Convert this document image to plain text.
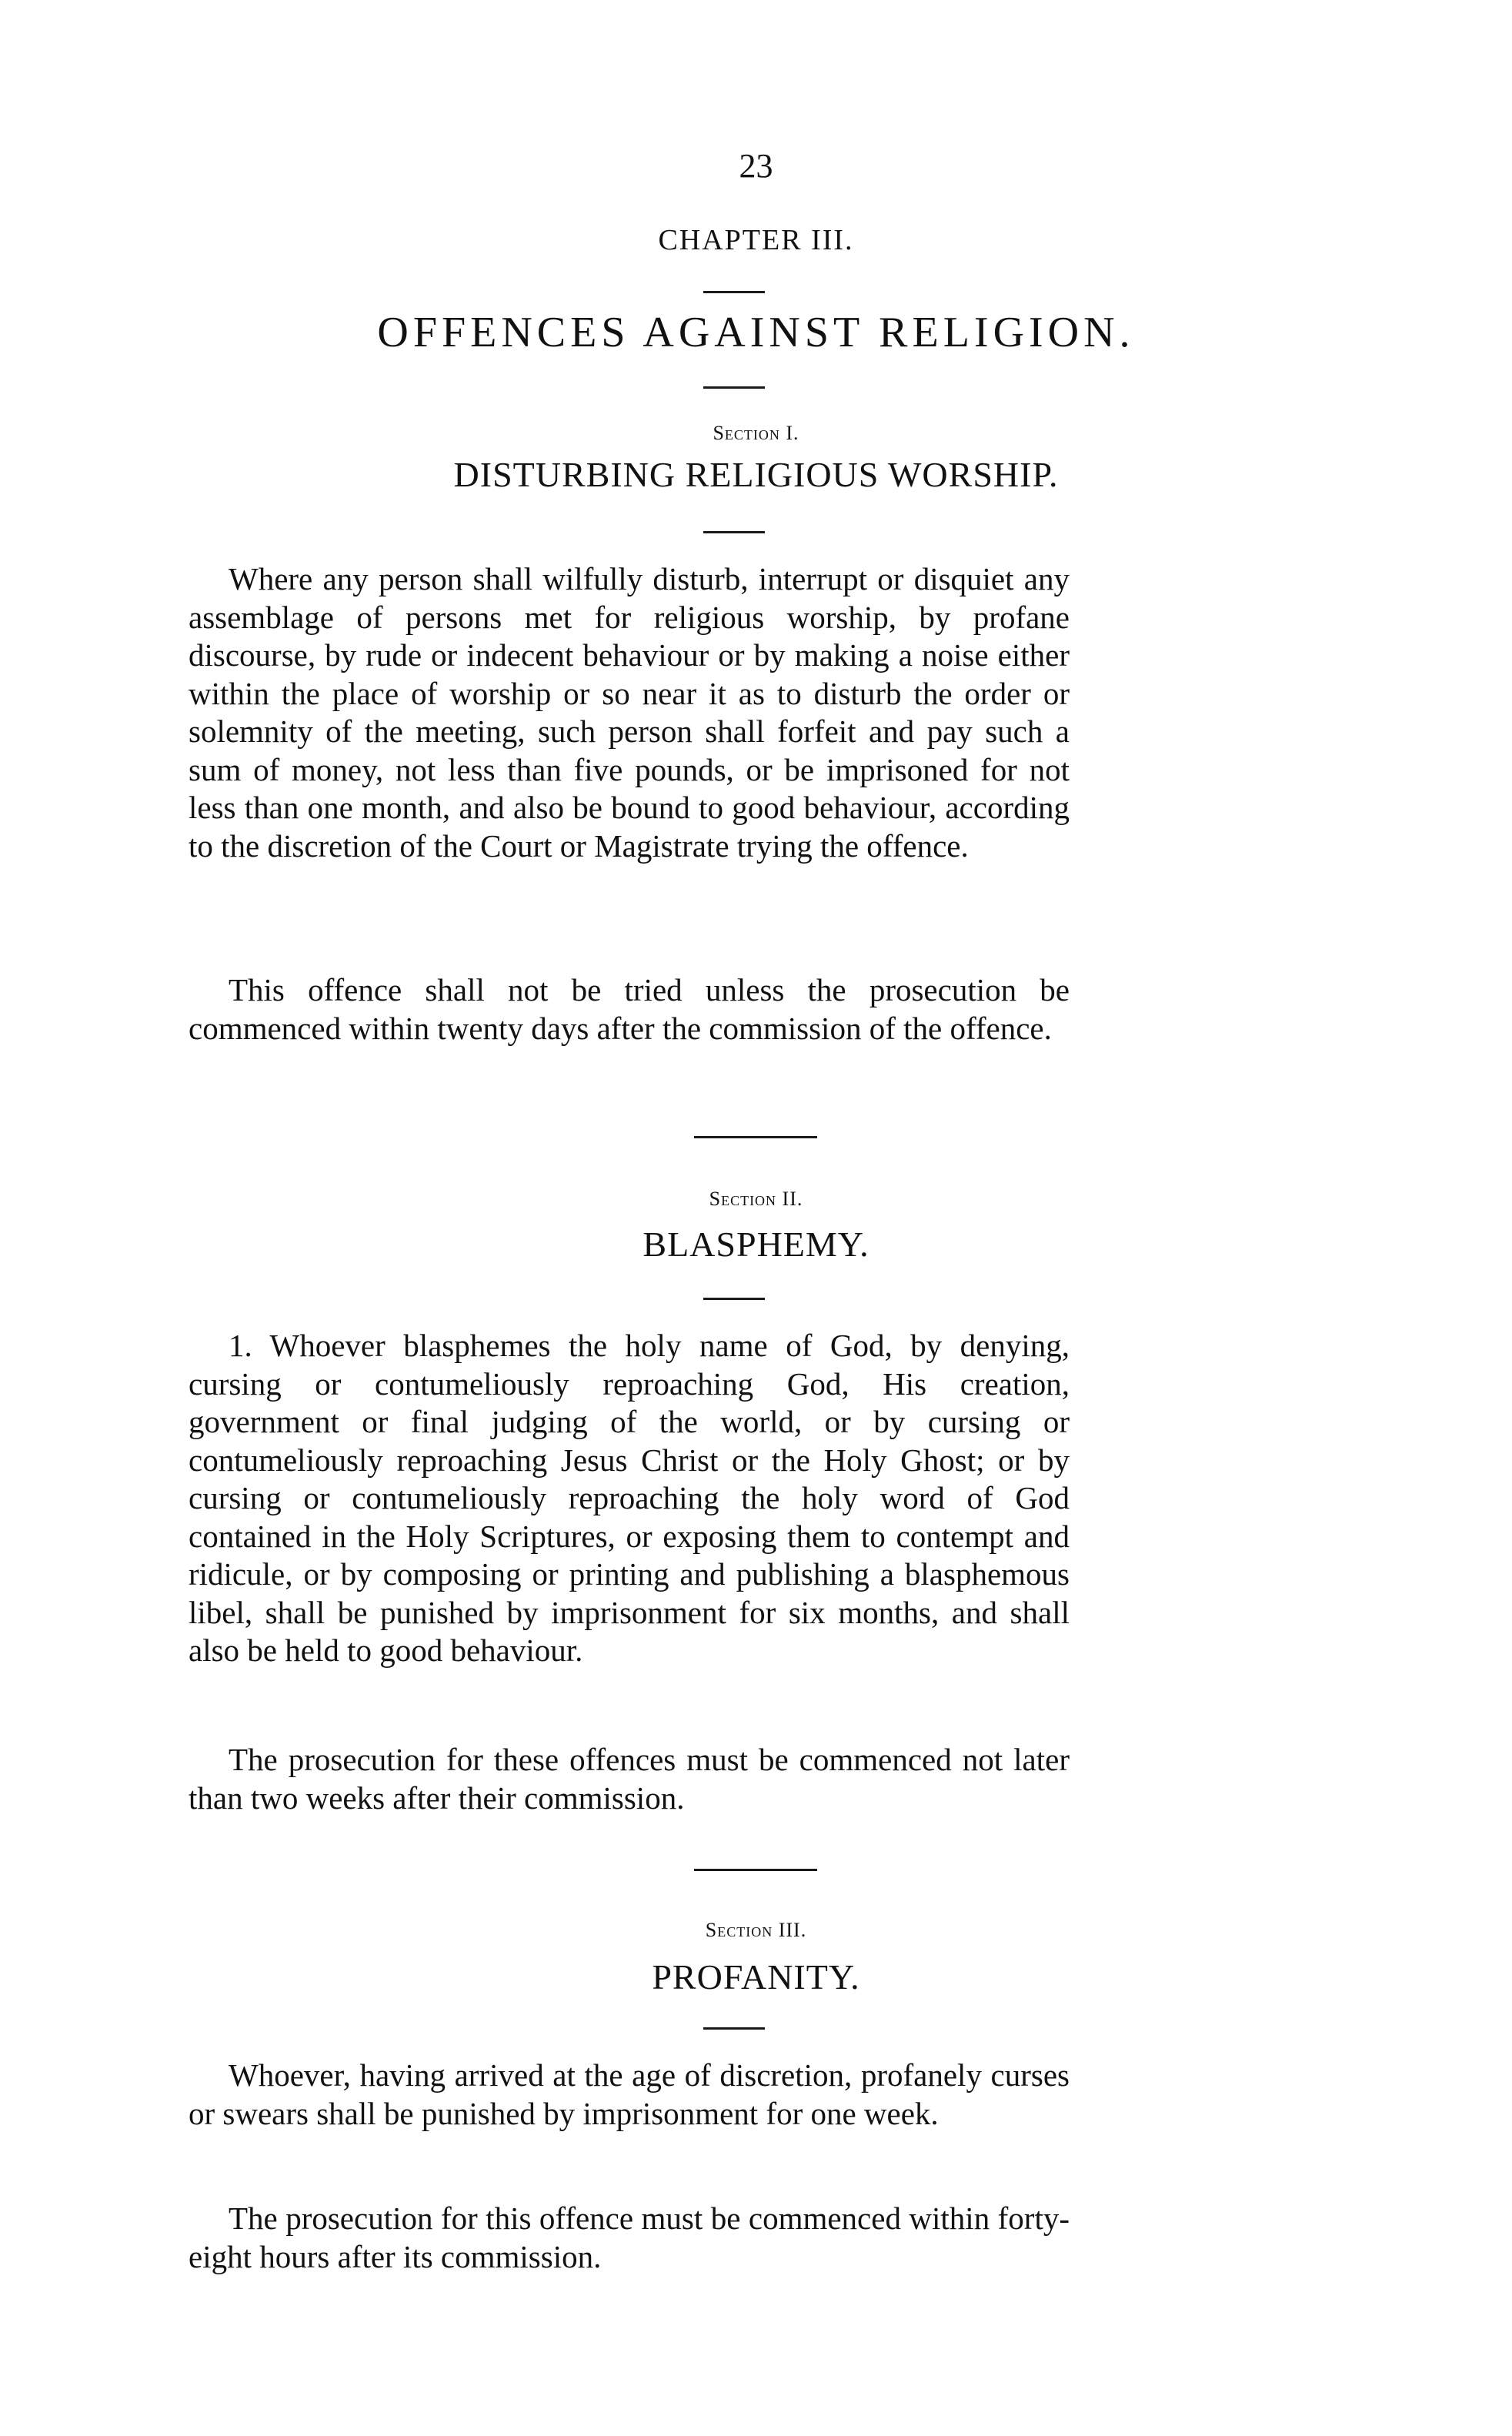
23
CHAPTER III.
OFFENCES AGAINST RELIGION.
Section I.
DISTURBING RELIGIOUS WORSHIP.

Where any person shall wilfully disturb, interrupt or disquiet any assemblage of persons met for religious worship, by profane discourse, by rude or indecent behaviour or by making a noise either within the place of worship or so near it as to disturb the order or solemnity of the meeting, such person shall forfeit and pay such a sum of money, not less than five pounds, or be imprisoned for not less than one month, and also be bound to good behaviour, according to the discretion of the Court or Magistrate trying the offence.

This offence shall not be tried unless the prosecution be commenced within twenty days after the commission of the offence.

Section II.
BLASPHEMY.

1. Whoever blasphemes the holy name of God, by denying, cursing or contumeliously reproaching God, His creation, government or final judging of the world, or by cursing or contumeliously reproaching Jesus Christ or the Holy Ghost; or by cursing or contumeliously reproaching the holy word of God contained in the Holy Scriptures, or exposing them to contempt and ridicule, or by composing or printing and publishing a blasphemous libel, shall be punished by imprisonment for six months, and shall also be held to good behaviour.

The prosecution for these offences must be commenced not later than two weeks after their commission.

Section III.
PROFANITY.

Whoever, having arrived at the age of discretion, profanely curses or swears shall be punished by imprisonment for one week.

The prosecution for this offence must be commenced within forty-eight hours after its commission.
